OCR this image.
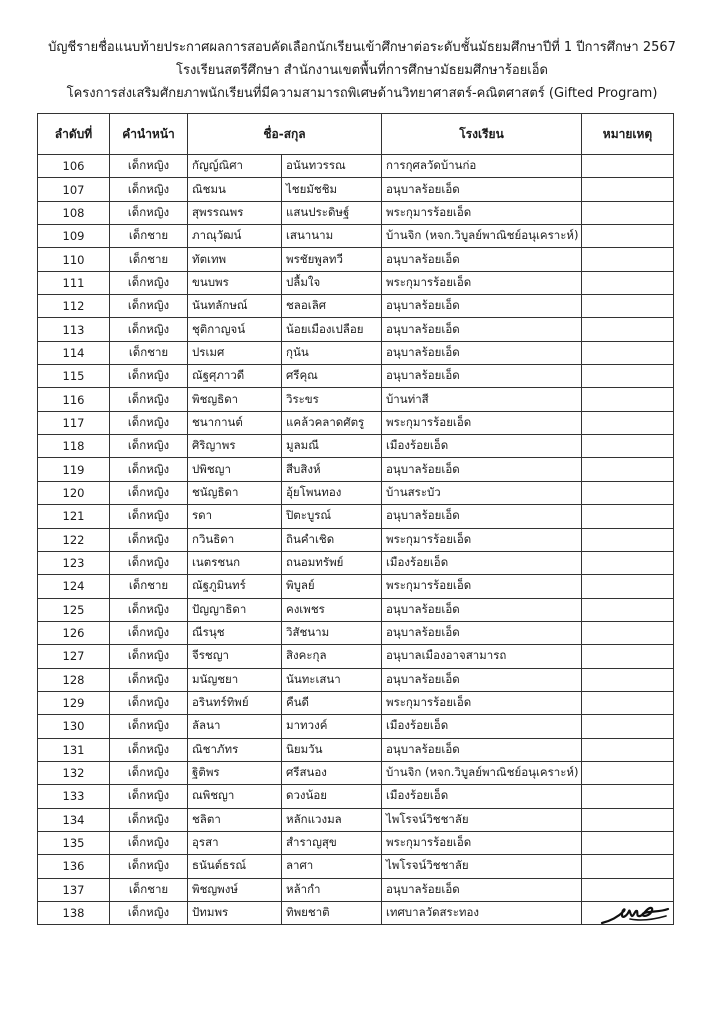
บัญชีรายชื่อแนบท้ายประกาศผลการสอบคัดเลือกนักเรียนเข้าศึกษาต่อระดับชั้นมัธยมศึกษาปีที่ 1 ปีการศึกษา 2567
โรงเรียนสตรีศึกษา สำนักงานเขตพื้นที่การศึกษามัธยมศึกษาร้อยเอ็ด
โครงการส่งเสริมศักยภาพนักเรียนที่มีความสามารถพิเศษด้านวิทยาศาสตร์-คณิตศาสตร์ (Gifted Program)
ลำดับที่	คำนำหน้า	ชื่อ-สกุล		โรงเรียน	หมายเหตุ
106	เด็กหญิง	กัญญ์ณิศา	อนันทวรรณ	การกุศลวัดบ้านก่อ	
107	เด็กหญิง	ณิชมน	ไชยมัชชิม	อนุบาลร้อยเอ็ด	
108	เด็กหญิง	สุพรรณพร	แสนประดิษฐ์	พระกุมารร้อยเอ็ด	
109	เด็กชาย	ภาณุวัฒน์	เสนานาม	บ้านจิก (หจก.วิบูลย์พาณิชย์อนุเคราะห์)	
110	เด็กชาย	ทัตเทพ	พรชัยพูลทวี	อนุบาลร้อยเอ็ด	
111	เด็กหญิง	ขนบพร	ปลื้มใจ	พระกุมารร้อยเอ็ด	
112	เด็กหญิง	นันทลักษณ์	ชลอเลิศ	อนุบาลร้อยเอ็ด	
113	เด็กหญิง	ชุติกาญจน์	น้อยเมืองเปลือย	อนุบาลร้อยเอ็ด	
114	เด็กชาย	ปรเมศ	กุนัน	อนุบาลร้อยเอ็ด	
115	เด็กหญิง	ณัฐศุภาวดี	ศรีคุณ	อนุบาลร้อยเอ็ด	
116	เด็กหญิง	พิชญธิดา	วิระขร	บ้านท่าสี	
117	เด็กหญิง	ชนากานต์	แคล้วคลาดศัตรู	พระกุมารร้อยเอ็ด	
118	เด็กหญิง	ศิริญาพร	มูลมณี	เมืองร้อยเอ็ด	
119	เด็กหญิง	ปพิชญา	สีบสิงห์	อนุบาลร้อยเอ็ด	
120	เด็กหญิง	ชนัญธิดา	อุ้ยโพนทอง	บ้านสระบัว	
121	เด็กหญิง	รดา	ปิตะบูรณ์	อนุบาลร้อยเอ็ด	
122	เด็กหญิง	กวินธิดา	ถินคำเชิด	พระกุมารร้อยเอ็ด	
123	เด็กหญิง	เนตรชนก	ถนอมทรัพย์	เมืองร้อยเอ็ด	
124	เด็กชาย	ณัฐภูมินทร์	พิบูลย์	พระกุมารร้อยเอ็ด	
125	เด็กหญิง	ปัญญาธิดา	คงเพชร	อนุบาลร้อยเอ็ด	
126	เด็กหญิง	ณีรนุช	วิสัชนาม	อนุบาลร้อยเอ็ด	
127	เด็กหญิง	จีรชญา	สิงคะกุล	อนุบาลเมืองอาจสามารถ	
128	เด็กหญิง	มนัญชยา	นันทะเสนา	อนุบาลร้อยเอ็ด	
129	เด็กหญิง	อรินทร์ทิพย์	คืนดี	พระกุมารร้อยเอ็ด	
130	เด็กหญิง	ลัลนา	มาทวงค์	เมืองร้อยเอ็ด	
131	เด็กหญิง	ณิชาภัทร	นิยมวัน	อนุบาลร้อยเอ็ด	
132	เด็กหญิง	ฐิติพร	ศรีสนอง	บ้านจิก (หจก.วิบูลย์พาณิชย์อนุเคราะห์)	
133	เด็กหญิง	ณพิชญา	ดวงน้อย	เมืองร้อยเอ็ด	
134	เด็กหญิง	ชลิตา	หลักแวงมล	ไพโรจน์วิชชาลัย	
135	เด็กหญิง	อุรสา	สำราญสุข	พระกุมารร้อยเอ็ด	
136	เด็กหญิง	ธนันต์ธรณ์	ลาศา	ไพโรจน์วิชชาลัย	
137	เด็กชาย	พิชญพงษ์	หล้ากำ	อนุบาลร้อยเอ็ด	
138	เด็กหญิง	ปัทมพร	ทิพยชาติ	เทศบาลวัดสระทอง	
